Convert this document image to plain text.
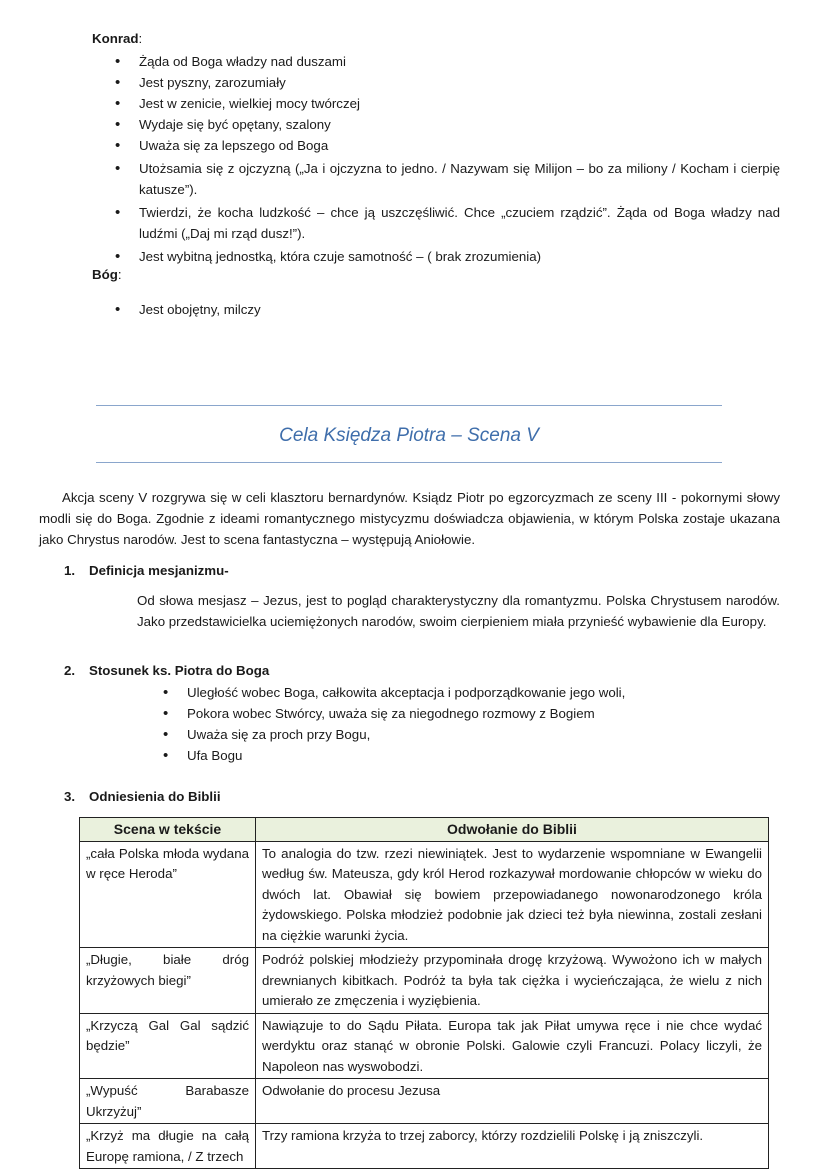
Konrad:
• Żąda od Boga władzy nad duszami
• Jest pyszny, zarozumiały
• Jest w zenicie, wielkiej mocy twórczej
• Wydaje się być opętany, szalony
• Uważa się za lepszego od Boga
• Utożsamia się z ojczyzną („Ja i ojczyzna to jedno. / Nazywam się Milijon – bo za miliony / Kocham i cierpię katusze”).
• Twierdzi, że kocha ludzkość – chce ją uszczęśliwić. Chce „czuciem rządzić”. Żąda od Boga władzy nad ludźmi („Daj mi rząd dusz!”).
• Jest wybitną jednostką, która czuje samotność – ( brak zrozumienia)
Bóg:
• Jest obojętny, milczy
Cela Księdza Piotra – Scena V
Akcja sceny V rozgrywa się w celi klasztoru bernardynów. Ksiądz Piotr po egzorcyzmach ze sceny III - pokornymi słowy modli się do Boga. Zgodnie z ideami romantycznego mistycyzmu doświadcza objawienia, w którym Polska zostaje ukazana jako Chrystus narodów. Jest to scena fantastyczna – występują Aniołowie.
1. Definicja mesjanizmu-
Od słowa mesjasz – Jezus, jest to pogląd charakterystyczny dla romantyzmu. Polska Chrystusem narodów. Jako przedstawicielka uciemiężonych narodów, swoim cierpieniem miała przynieść wybawienie dla Europy.
2. Stosunek ks. Piotra do Boga
• Uległość wobec Boga, całkowita akceptacja i podporządkowanie jego woli,
• Pokora wobec Stwórcy, uważa się za niegodnego rozmowy z Bogiem
• Uważa się za proch przy Bogu,
• Ufa Bogu
3. Odniesienia do Biblii
Scena w tekście	Odwołanie do Biblii
„cała Polska młoda wydana w ręce Heroda”	To analogia do tzw. rzezi niewiniątek. Jest to wydarzenie wspomniane w Ewangelii według św. Mateusza, gdy król Herod rozkazywał mordowanie chłopców w wieku do dwóch lat. Obawiał się bowiem przepowiadanego nowonarodzonego króla żydowskiego. Polska młodzież podobnie jak dzieci też była niewinna, zostali zesłani na ciężkie warunki życia.
„Długie, białe dróg krzyżowych biegi”	Podróż polskiej młodzieży przypominała drogę krzyżową. Wywożono ich w małych drewnianych kibitkach. Podróż ta była tak ciężka i wycieńczająca, że wielu z nich umierało ze zmęczenia i wyziębienia.
„Krzyczą Gal Gal sądzić będzie”	Nawiązuje to do Sądu Piłata. Europa tak jak Piłat umywa ręce i nie chce wydać werdyktu oraz stanąć w obronie Polski. Galowie czyli Francuzi. Polacy liczyli, że Napoleon nas wyswobodzi.
„Wypuść Barabasze Ukrzyżuj”	Odwołanie do procesu Jezusa
„Krzyż ma długie na całą Europę ramiona, / Z trzech	Trzy ramiona krzyża to trzej zaborcy, którzy rozdzielili Polskę i ją zniszczyli.
